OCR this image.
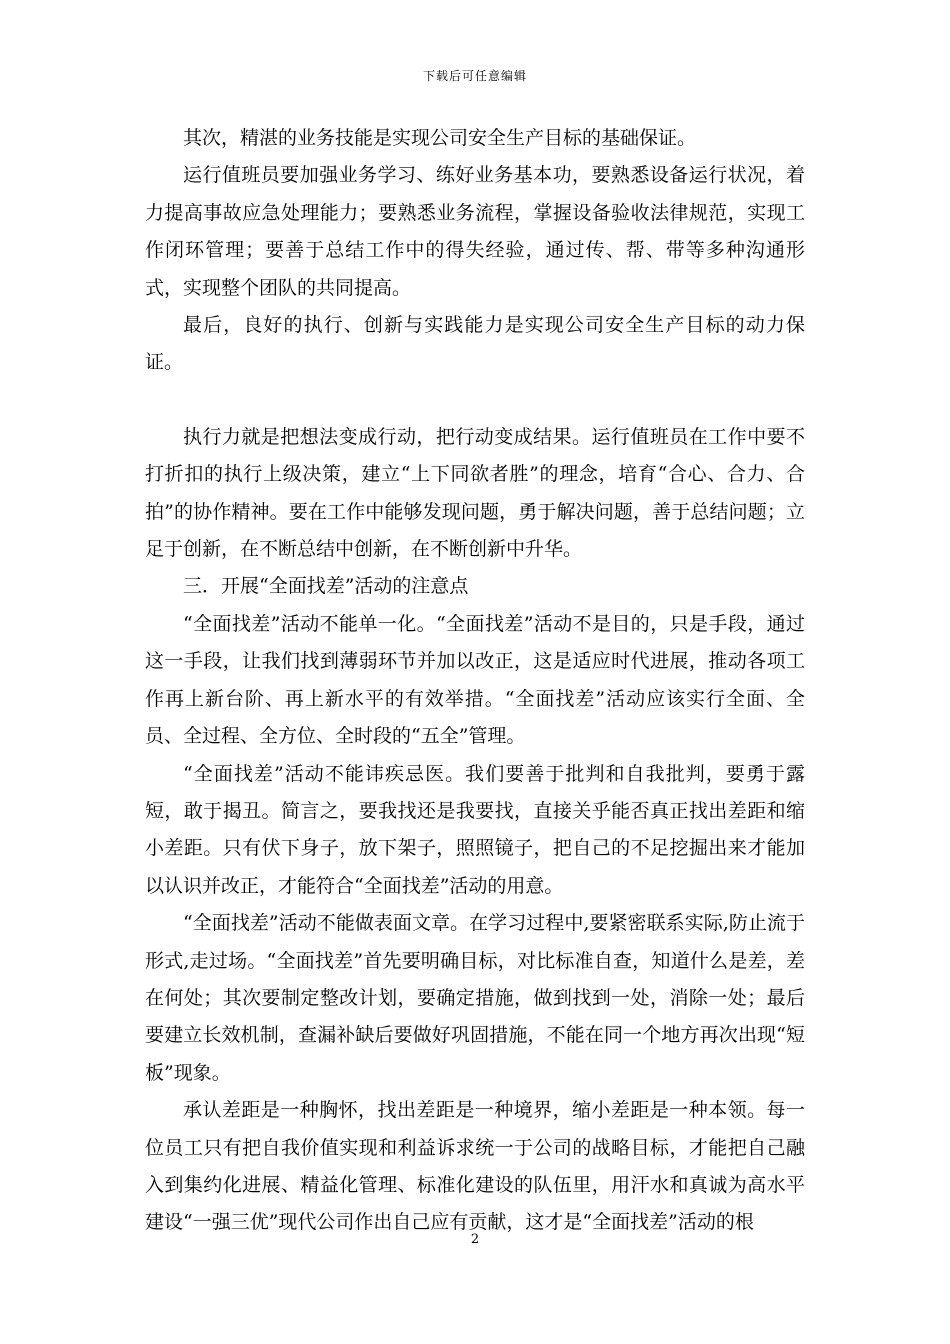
下载后可任意编辑

其次，精湛的业务技能是实现公司安全生产目标的基础保证。

运行值班员要加强业务学习、练好业务基本功，要熟悉设备运行状况，着力提高事故应急处理能力；要熟悉业务流程，掌握设备验收法律规范，实现工作闭环管理；要善于总结工作中的得失经验，通过传、帮、带等多种沟通形式，实现整个团队的共同提高。

最后，良好的执行、创新与实践能力是实现公司安全生产目标的动力保证。

执行力就是把想法变成行动，把行动变成结果。运行值班员在工作中要不打折扣的执行上级决策，建立“上下同欲者胜”的理念，培育“合心、合力、合拍”的协作精神。要在工作中能够发现问题，勇于解决问题，善于总结问题；立足于创新，在不断总结中创新，在不断创新中升华。

三．开展“全面找差”活动的注意点

“全面找差”活动不能单一化。“全面找差”活动不是目的，只是手段，通过这一手段，让我们找到薄弱环节并加以改正，这是适应时代进展，推动各项工作再上新台阶、再上新水平的有效举措。“全面找差”活动应该实行全面、全员、全过程、全方位、全时段的“五全”管理。

“全面找差”活动不能讳疾忌医。我们要善于批判和自我批判，要勇于露短，敢于揭丑。简言之，要我找还是我要找，直接关乎能否真正找出差距和缩小差距。只有伏下身子，放下架子，照照镜子，把自己的不足挖掘出来才能加以认识并改正，才能符合“全面找差”活动的用意。

“全面找差”活动不能做表面文章。在学习过程中,要紧密联系实际,防止流于形式,走过场。“全面找差”首先要明确目标，对比标准自查，知道什么是差，差在何处；其次要制定整改计划，要确定措施，做到找到一处，消除一处；最后要建立长效机制，查漏补缺后要做好巩固措施，不能在同一个地方再次出现“短板”现象。

承认差距是一种胸怀，找出差距是一种境界，缩小差距是一种本领。每一位员工只有把自我价值实现和利益诉求统一于公司的战略目标，才能把自己融入到集约化进展、精益化管理、标准化建设的队伍里，用汗水和真诚为高水平建设“一强三优”现代公司作出自己应有贡献，这才是“全面找差”活动的根

2
